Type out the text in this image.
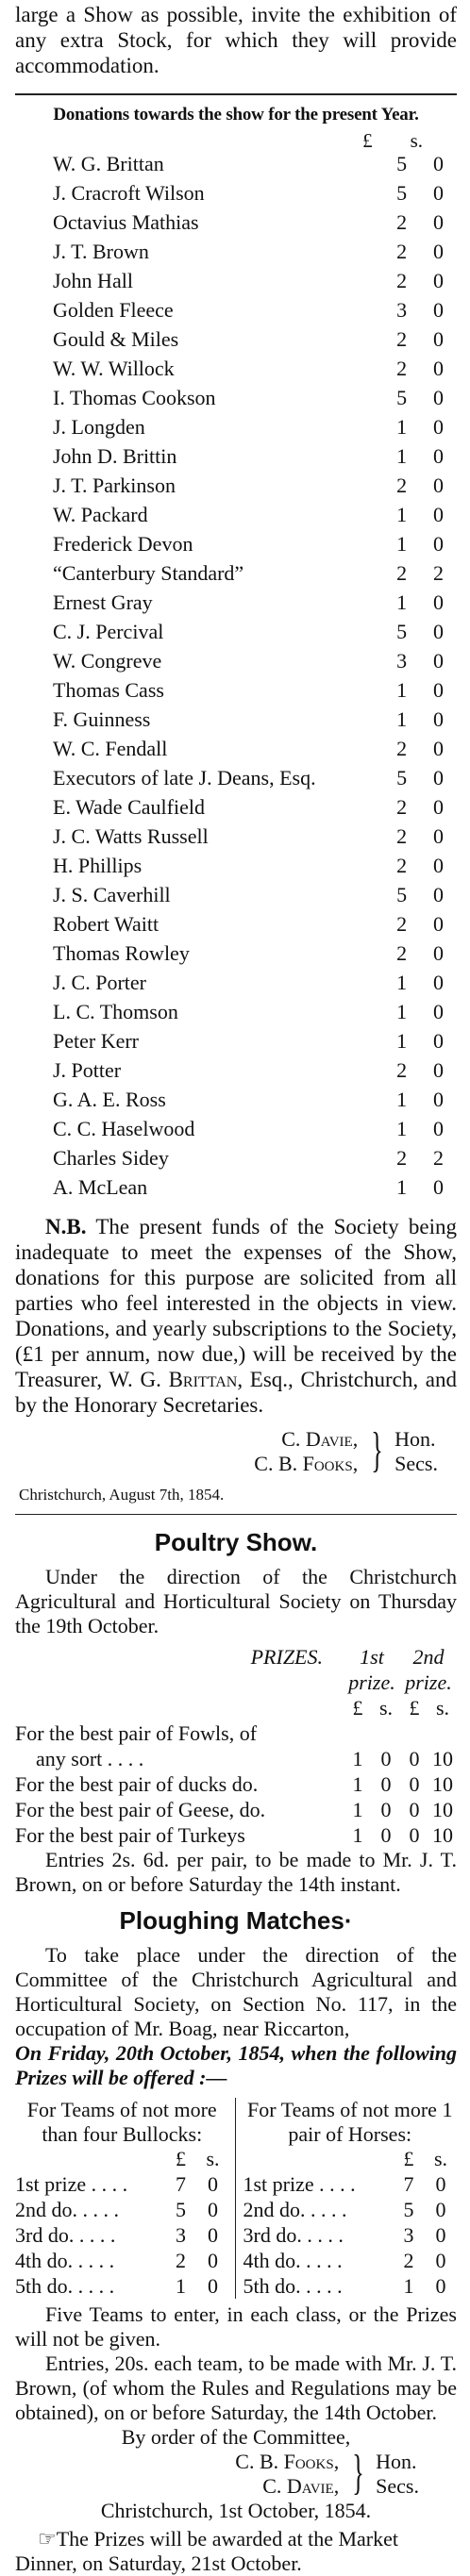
large a Show as possible, invite the exhibition of any extra Stock, for which they will provide accommodation.

Donations towards the show for the present Year.
£ s.
W. G. Brittan	5	0
J. Cracroft Wilson	5	0
Octavius Mathias	2	0
J. T. Brown	2	0
John Hall	2	0
Golden Fleece	3	0
Gould & Miles	2	0
W. W. Willock	2	0
I. Thomas Cookson	5	0
J. Longden	1	0
John D. Brittin	1	0
J. T. Parkinson	2	0
W. Packard	1	0
Frederick Devon	1	0
“Canterbury Standard”	2	2
Ernest Gray	1	0
C. J. Percival	5	0
W. Congreve	3	0
Thomas Cass	1	0
F. Guinness	1	0
W. C. Fendall	2	0
Executors of late J. Deans, Esq.	5	0
E. Wade Caulfield	2	0
J. C. Watts Russell	2	0
H. Phillips	2	0
J. S. Caverhill	5	0
Robert Waitt	2	0
Thomas Rowley	2	0
J. C. Porter	1	0
L. C. Thomson	1	0
Peter Kerr	1	0
J. Potter	2	0
G. A. E. Ross	1	0
C. C. Haselwood	1	0
Charles Sidey	2	2
A. McLean	1	0

N.B. The present funds of the Society being inadequate to meet the expenses of the Show, donations for this purpose are solicited from all parties who feel interested in the objects in view. Donations, and yearly subscriptions to the Society, (£1 per annum, now due,) will be received by the Treasurer, W. G. Brittan, Esq., Christchurch, and by the Honorary Secretaries.

C. Davie,
C. B. Fooks, } Hon.
Secs.
Christchurch, August 7th, 1854.
Poultry Show.

Under the direction of the Christchurch Agricultural and Horticultural Society on Thursday the 19th October.

PRIZES.	1st		2nd	
	prize.		prize.	
	£	s.	£	s.
For the best pair of Fowls, of				
any sort . . . .	1	0	0	10
For the best pair of ducks do.	1	0	0	10
For the best pair of Geese, do.	1	0	0	10
For the best pair of Turkeys	1	0	0	10

Entries 2s. 6d. per pair, to be made to Mr. J. T. Brown, on or before Saturday the 14th instant.

Ploughing Matches·

To take place under the direction of the Committee of the Christchurch Agricultural and Horticultural Society, on Section No. 117, in the occupation of Mr. Boag, near Riccarton,

On Friday, 20th October, 1854, when the following Prizes will be offered :—

For Teams of not more than four Bullocks:
£ s.
1st prize . . . .	7	0
2nd do. . . . .	5	0
3rd do. . . . .	3	0
4th do. . . . .	2	0
5th do. . . . .	1	0
For Teams of not more 1 pair of Horses:
£ s.
1st prize . . . .	7	0
2nd do. . . . .	5	0
3rd do. . . . .	3	0
4th do. . . . .	2	0
5th do. . . . .	1	0

Five Teams to enter, in each class, or the Prizes will not be given.

Entries, 20s. each team, to be made with Mr. J. T. Brown, (of whom the Rules and Regulations may be obtained), on or before Saturday, the 14th October.

By order of the Committee,
C. B. Fooks,
C. Davie, } Hon.
Secs.
Christchurch, 1st October, 1854.

☞The Prizes will be awarded at the Market Dinner, on Saturday, 21st October.
